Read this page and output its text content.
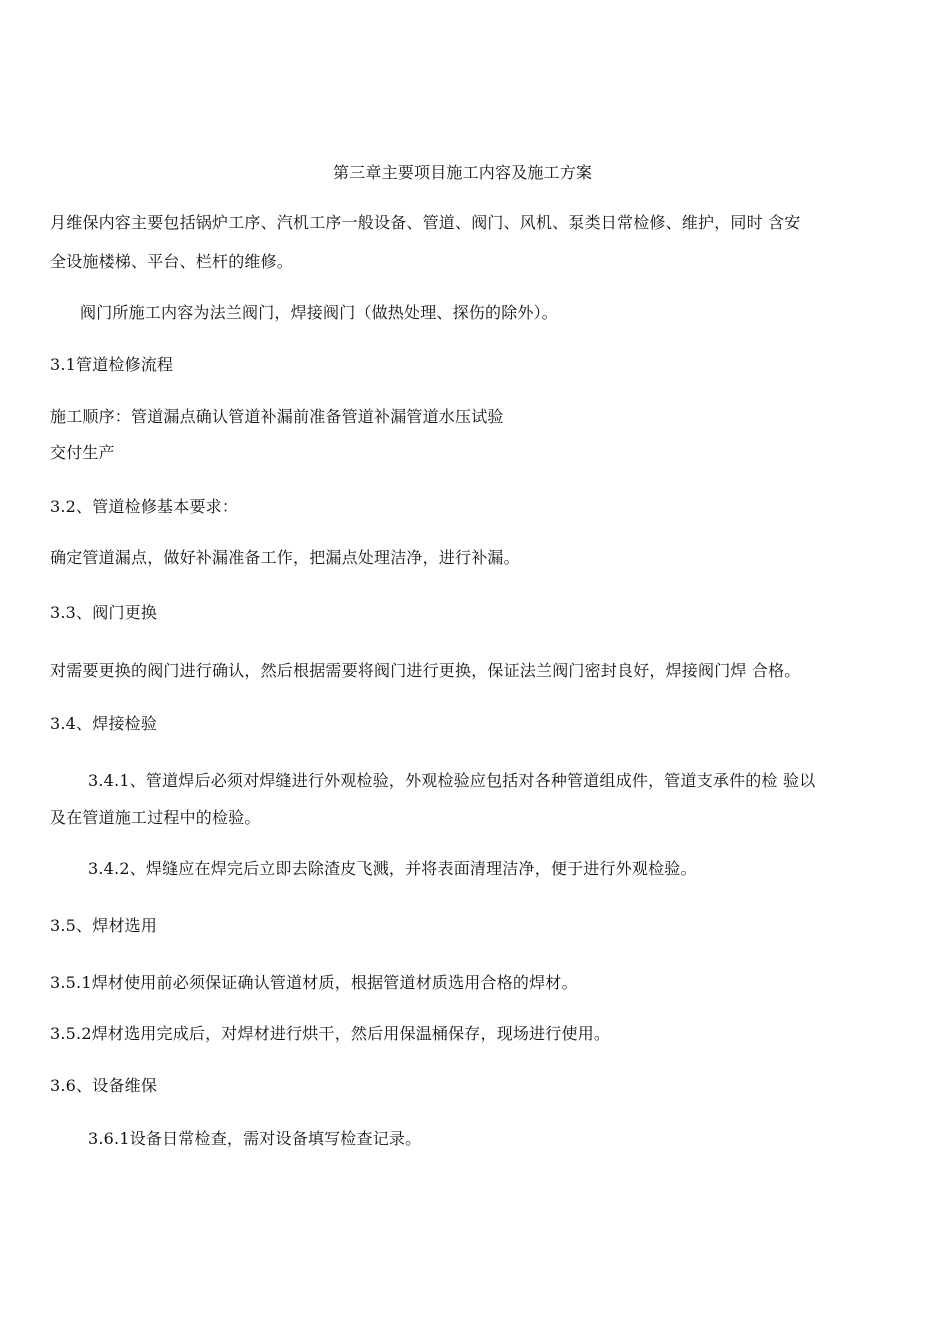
第三章主要项目施工内容及施工方案
月维保内容主要包括锅炉工序、汽机工序一般设备、管道、阀门、风机、泵类日常检修、维护，同时 含安
全设施楼梯、平台、栏杆的维修。
阀门所施工内容为法兰阀门，焊接阀门（做热处理、探伤的除外）。
3.1管道检修流程
施工顺序：管道漏点确认管道补漏前准备管道补漏管道水压试验
交付生产
3.2、管道检修基本要求：
确定管道漏点，做好补漏准备工作，把漏点处理洁净，进行补漏。
3.3、阀门更换
对需要更换的阀门进行确认，然后根据需要将阀门进行更换，保证法兰阀门密封良好，焊接阀门焊 合格。
3.4、焊接检验
3.4.1、管道焊后必须对焊缝进行外观检验，外观检验应包括对各种管道组成件，管道支承件的检 验以
及在管道施工过程中的检验。
3.4.2、焊缝应在焊完后立即去除渣皮飞溅，并将表面清理洁净，便于进行外观检验。
3.5、焊材选用
3.5.1焊材使用前必须保证确认管道材质，根据管道材质选用合格的焊材。
3.5.2焊材选用完成后，对焊材进行烘干，然后用保温桶保存，现场进行使用。
3.6、设备维保
3.6.1设备日常检查，需对设备填写检查记录。
